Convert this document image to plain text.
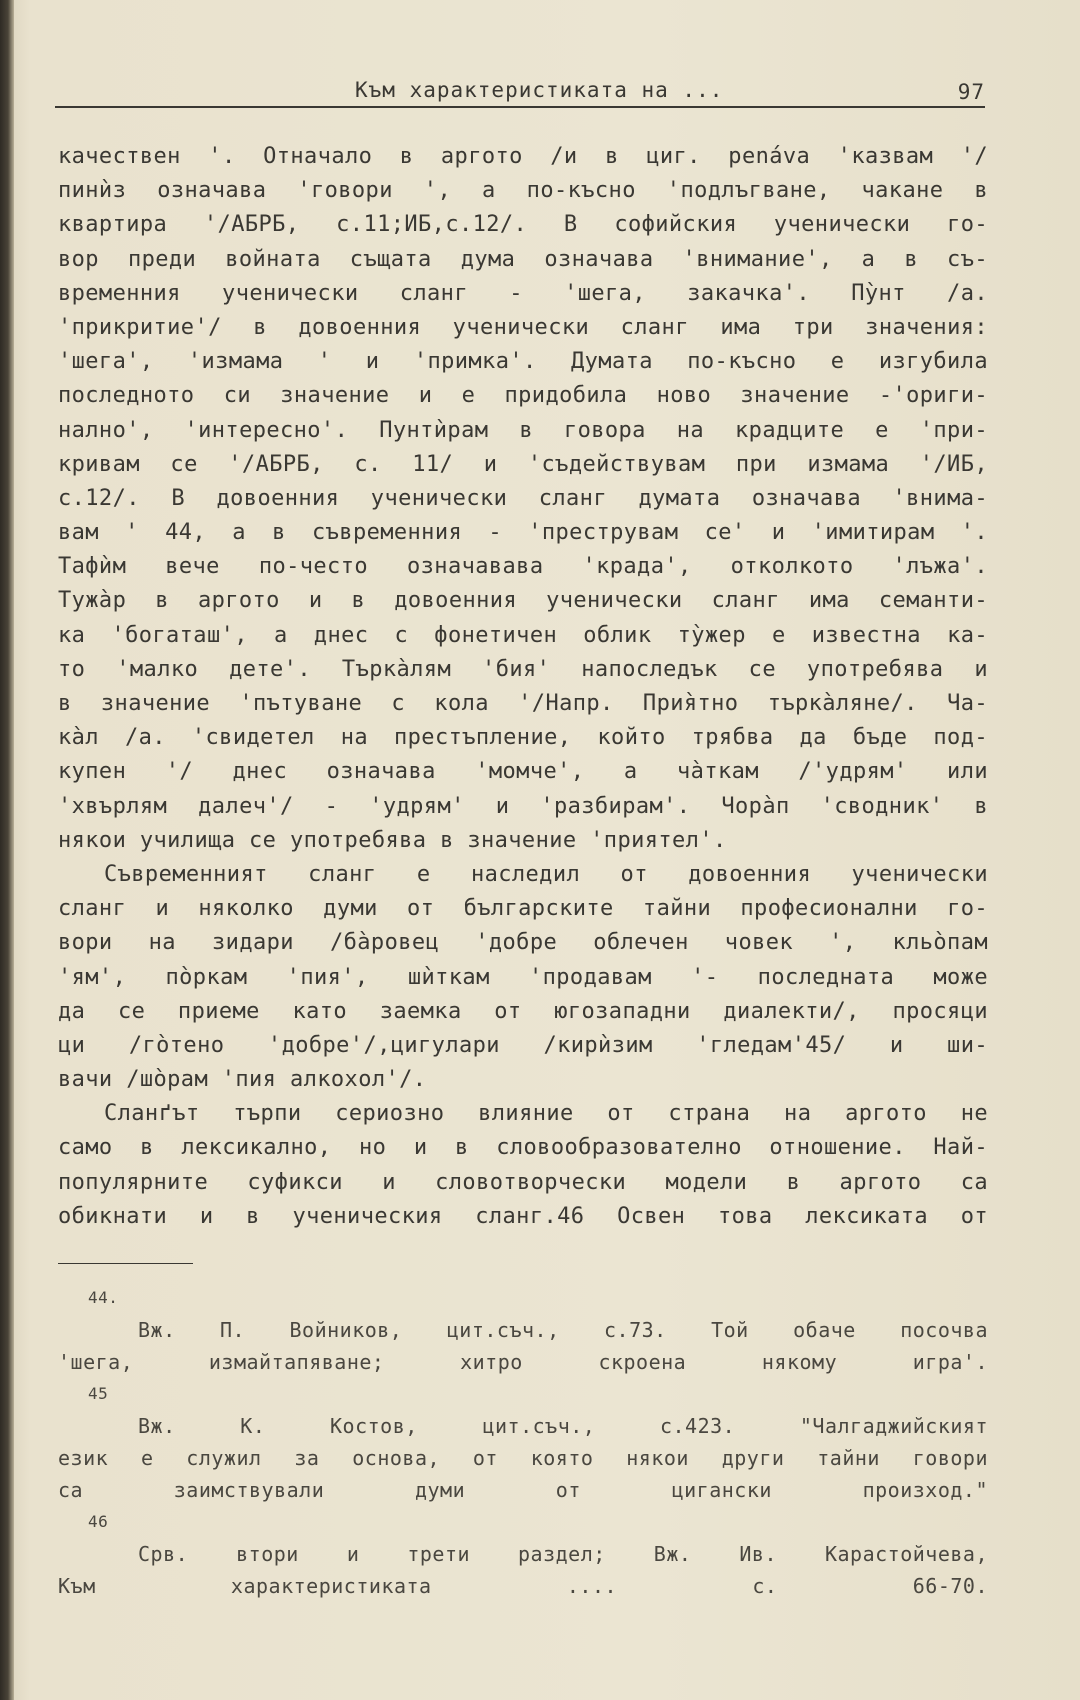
Към характеристиката на ...	97
качествен '. Отначало в аргото /и в циг. penáva 'казвам '/
пинѝз означава 'говори ', а по-късно 'подлъгване, чакане в
квартира '/АБРБ, с.11;ИБ,с.12/. В софийския ученически го-
вор преди войната същата дума означава 'внимание', а в съ-
временния ученически сланг - 'шега, закачка'. Пу̀нт /а.
'прикритие'/ в довоенния ученически сланг има три значения:
'шега', 'измама ' и 'примка'. Думата по-късно е изгубила
последното си значение и е придобила ново значение -'ориги-
нално', 'интересно'. Пунтѝрам в говора на крадците е 'при-
кривам се '/АБРБ, с. 11/ и 'съдействувам при измама '/ИБ,
с.12/. В довоенния ученически сланг думата означава 'внима-
вам ' 44, а в съвременния - 'преструвам се' и 'имитирам '.
Тафѝм вече по-често означавава 'крада', отколкото 'лъжа'.
Тужа̀р в аргото и в довоенния ученически сланг има семанти-
ка 'богаташ', а днес с фонетичен облик ту̀жер е известна ка-
то 'малко дете'. Търка̀лям 'бия' напоследък се употребява и
в значение 'пътуване с кола '/Напр. Прия̀тно търка̀ляне/. Ча-
ка̀л /а. 'свидетел на престъпление, който трябва да бъде под-
купен '/ днес означава 'момче', а ча̀ткам /'удрям' или
'хвърлям далеч'/ - 'удрям' и 'разбирам'. Чора̀п 'сводник' в
някои училища се употребява в значение 'приятел'.
Съвременният сланг е наследил от довоенния ученически
сланг и няколко думи от българските тайни професионални го-
вори на зидари /ба̀ровец 'добре облечен човек ', кльо̀пам
'ям', по̀ркам 'пия', шѝткам 'продавам '- последната може
да се приеме като заемка от югозападни диалекти/, просяци
ци /го̀тено 'добре'/,цигулари /кирѝзим 'гледам'45/ и ши-
вачи /шо̀рам 'пия алкохол'/.
Сланґът търпи сериозно влияние от страна на аргото не
само в лексикално, но и в словообразователно отношение. Най-
популярните суфикси и словотворчески модели в аргото са
обикнати и в ученическия сланг.46 Освен това лексиката от
44.
Вж. П. Войников, цит.съч., с.73. Той обаче посочва
'шега, измайтапяване; хитро скроена някому игра'.
45
Вж. К. Костов, цит.съч., с.423. "Чалгаджийският
език е служил за основа, от която някои други тайни говори
са заимствували думи от цигански произход."
46
Срв. втори и трети раздел; Вж. Ив. Карастойчева,
Към характеристиката .... с. 66-70.
